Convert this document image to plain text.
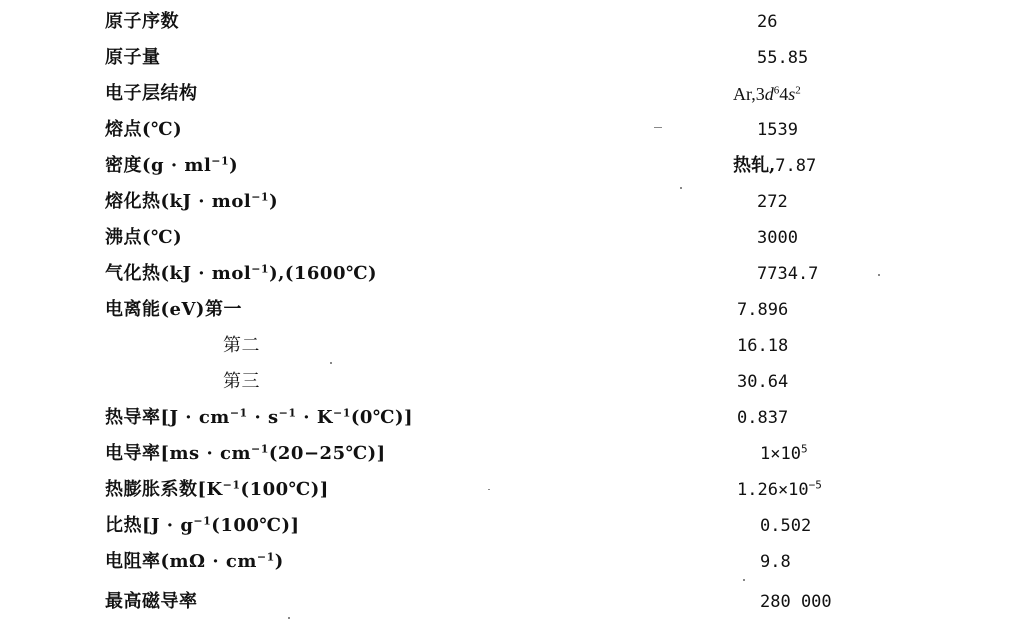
原子序数	26
原子量	55.85
电子层结构	$Ar,3d^64s^2$
熔点(℃)	1539
密度$(g \cdot ml^{-1})$	热轧,7.87
熔化热(kJ · mol$^{-1}$)	272
沸点(℃)	3000
气化热(kJ · mol$^{-1}$),(1600℃)	7734.7
电离能(eV)第一	7.896
第二	16.18
第三	30.64
热导率[$J \cdot cm^{-1} \cdot s^{-1}$ · $K^{-1}(0℃)$]	0.837
电导率$[ms \cdot cm^{-1}(20-25℃)]$	$1\times 10^5$
热膨胀系数$[K^{-1}(100℃)]$	$1.26\times 10^{-5}$
比热$[J \cdot g^{-1}(100℃)]$	0.502
电阻率$(m\Omega \cdot cm^{-1})$	9.8
最高磁导率	280 000
